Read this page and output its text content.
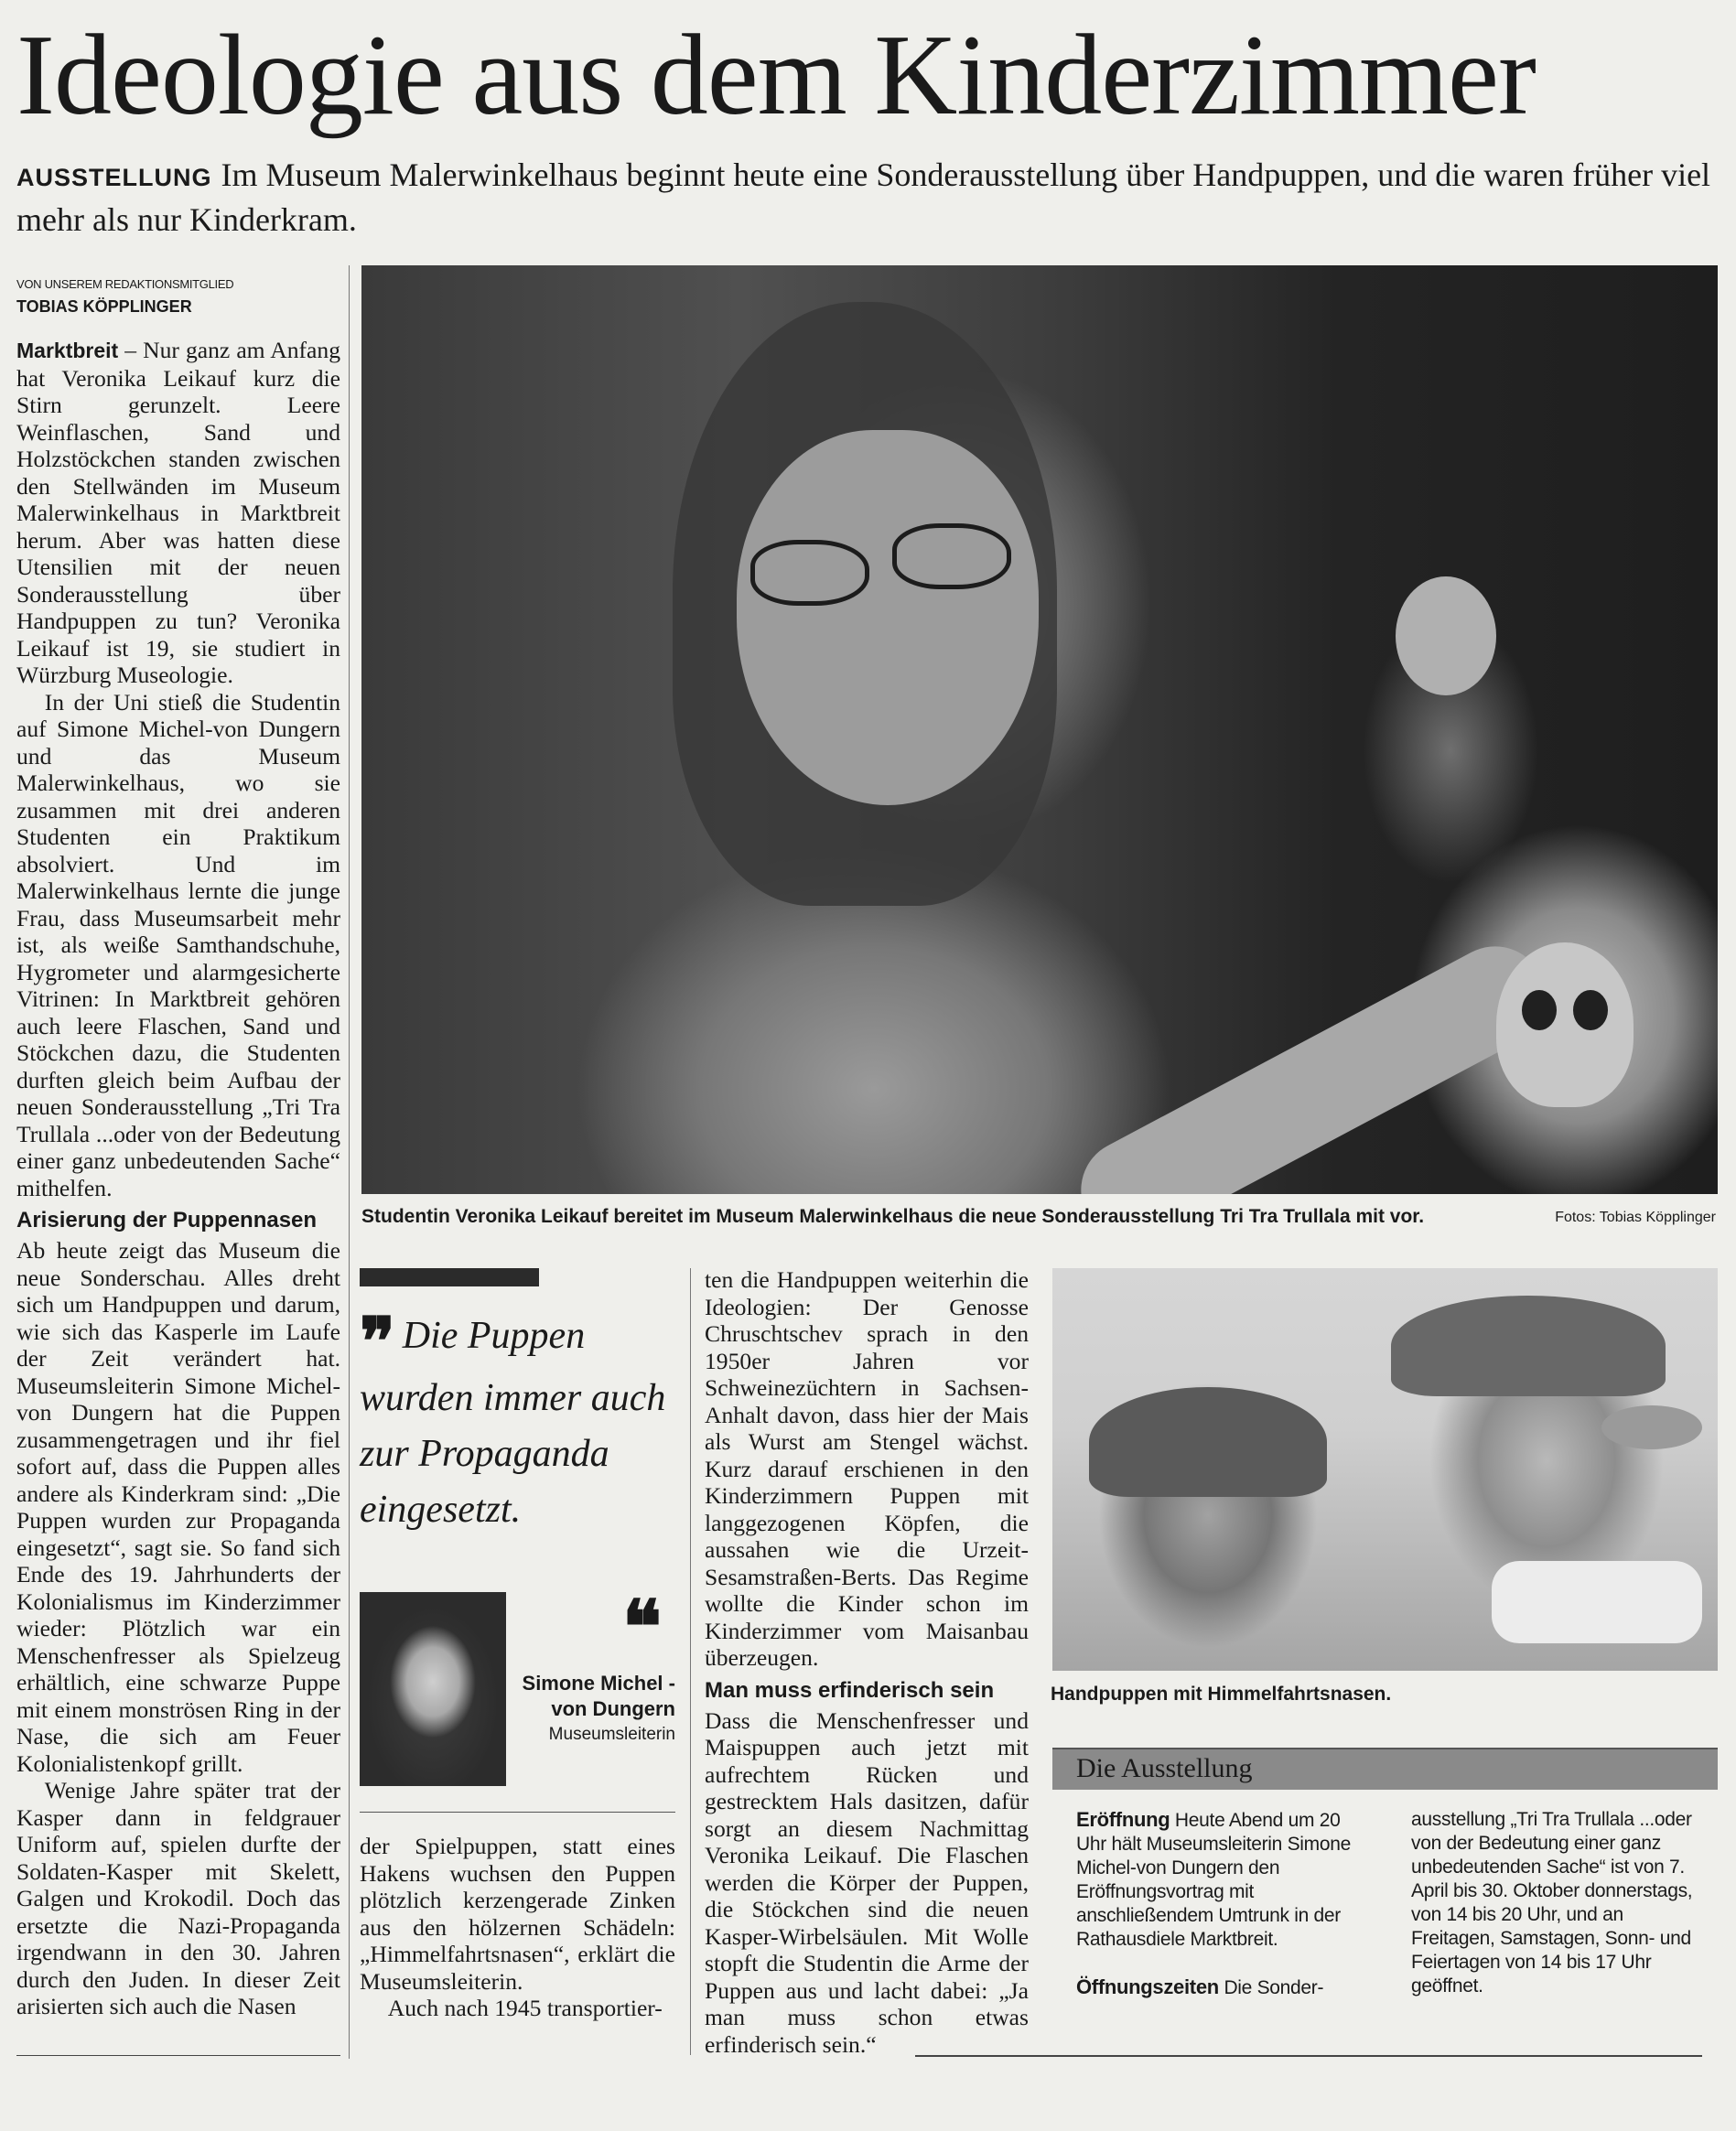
Ideologie aus dem Kinderzimmer
AUSSTELLUNG Im Museum Malerwinkelhaus beginnt heute eine Sonderausstellung über Handpuppen, und die waren früher viel mehr als nur Kinderkram.
VON UNSEREM REDAKTIONSMITGLIED
TOBIAS KÖPPLINGER

Marktbreit – Nur ganz am Anfang hat Veronika Leikauf kurz die Stirn gerunzelt. Leere Weinflaschen, Sand und Holzstöckchen standen zwischen den Stellwänden im Museum Malerwinkelhaus in Marktbreit herum. Aber was hatten diese Utensilien mit der neuen Sonderausstellung über Handpuppen zu tun? Veronika Leikauf ist 19, sie studiert in Würzburg Museologie.

In der Uni stieß die Studentin auf Simone Michel-von Dungern und das Museum Malerwinkelhaus, wo sie zusammen mit drei anderen Studenten ein Praktikum absolviert. Und im Malerwinkelhaus lernte die junge Frau, dass Museumsarbeit mehr ist, als weiße Samthandschuhe, Hygrometer und alarmgesicherte Vitrinen: In Marktbreit gehören auch leere Flaschen, Sand und Stöckchen dazu, die Studenten durften gleich beim Aufbau der neuen Sonderausstellung „Tri Tra Trullala ...oder von der Bedeutung einer ganz unbedeutenden Sache“ mithelfen.

Arisierung der Puppennasen

Ab heute zeigt das Museum die neue Sonderschau. Alles dreht sich um Handpuppen und darum, wie sich das Kasperle im Laufe der Zeit verändert hat. Museumsleiterin Simone Michel-von Dungern hat die Puppen zusammengetragen und ihr fiel sofort auf, dass die Puppen alles andere als Kinderkram sind: „Die Puppen wurden zur Propaganda eingesetzt“, sagt sie. So fand sich Ende des 19. Jahrhunderts der Kolonialismus im Kinderzimmer wieder: Plötzlich war ein Menschenfresser als Spielzeug erhältlich, eine schwarze Puppe mit einem monströsen Ring in der Nase, die sich am Feuer Kolonialistenkopf grillt.

Wenige Jahre später trat der Kasper dann in feldgrauer Uniform auf, spielen durfte der Soldaten-Kasper mit Skelett, Galgen und Krokodil. Doch das ersetzte die Nazi-Propaganda irgendwann in den 30. Jahren durch den Juden. In dieser Zeit arisierten sich auch die Nasen

Studentin Veronika Leikauf bereitet im Museum Malerwinkelhaus die neue Sonderausstellung Tri Tra Trullala mit vor.	Fotos: Tobias Köpplinger
❞ Die Puppen wurden immer auch zur Propaganda eingesetzt.
❝
Simone Michel -von Dungern
Museumsleiterin

der Spielpuppen, statt eines Hakens wuchsen den Puppen plötzlich kerzengerade Zinken aus den hölzernen Schädeln: „Himmelfahrtsnasen“, erklärt die Museumsleiterin.

Auch nach 1945 transportier-

ten die Handpuppen weiterhin die Ideologien: Der Genosse Chruschtschev sprach in den 1950er Jahren vor Schweinezüchtern in Sachsen-Anhalt davon, dass hier der Mais als Wurst am Stengel wächst. Kurz darauf erschienen in den Kinderzimmern Puppen mit langgezogenen Köpfen, die aussahen wie die Urzeit-Sesamstraßen-Berts. Das Regime wollte die Kinder schon im Kinderzimmer vom Maisanbau überzeugen.

Man muss erfinderisch sein

Dass die Menschenfresser und Maispuppen auch jetzt mit aufrechtem Rücken und gestrecktem Hals dasitzen, dafür sorgt an diesem Nachmittag Veronika Leikauf. Die Flaschen werden die Körper der Puppen, die Stöckchen sind die neuen Kasper-Wirbelsäulen. Mit Wolle stopft die Studentin die Arme der Puppen aus und lacht dabei: „Ja man muss schon etwas erfinderisch sein.“

Handpuppen mit Himmelfahrtsnasen.
Die Ausstellung
Eröffnung Heute Abend um 20 Uhr hält Museumsleiterin Simone Michel-von Dungern den Eröffnungsvortrag mit anschließendem Umtrunk in der Rathausdiele Marktbreit.
Öffnungszeiten Die Sonder-
ausstellung „Tri Tra Trullala ...oder von der Bedeutung einer ganz unbedeutenden Sache“ ist von 7. April bis 30. Oktober donnerstags, von 14 bis 20 Uhr, und an Freitagen, Samstagen, Sonn- und Feiertagen von 14 bis 17 Uhr geöffnet.
